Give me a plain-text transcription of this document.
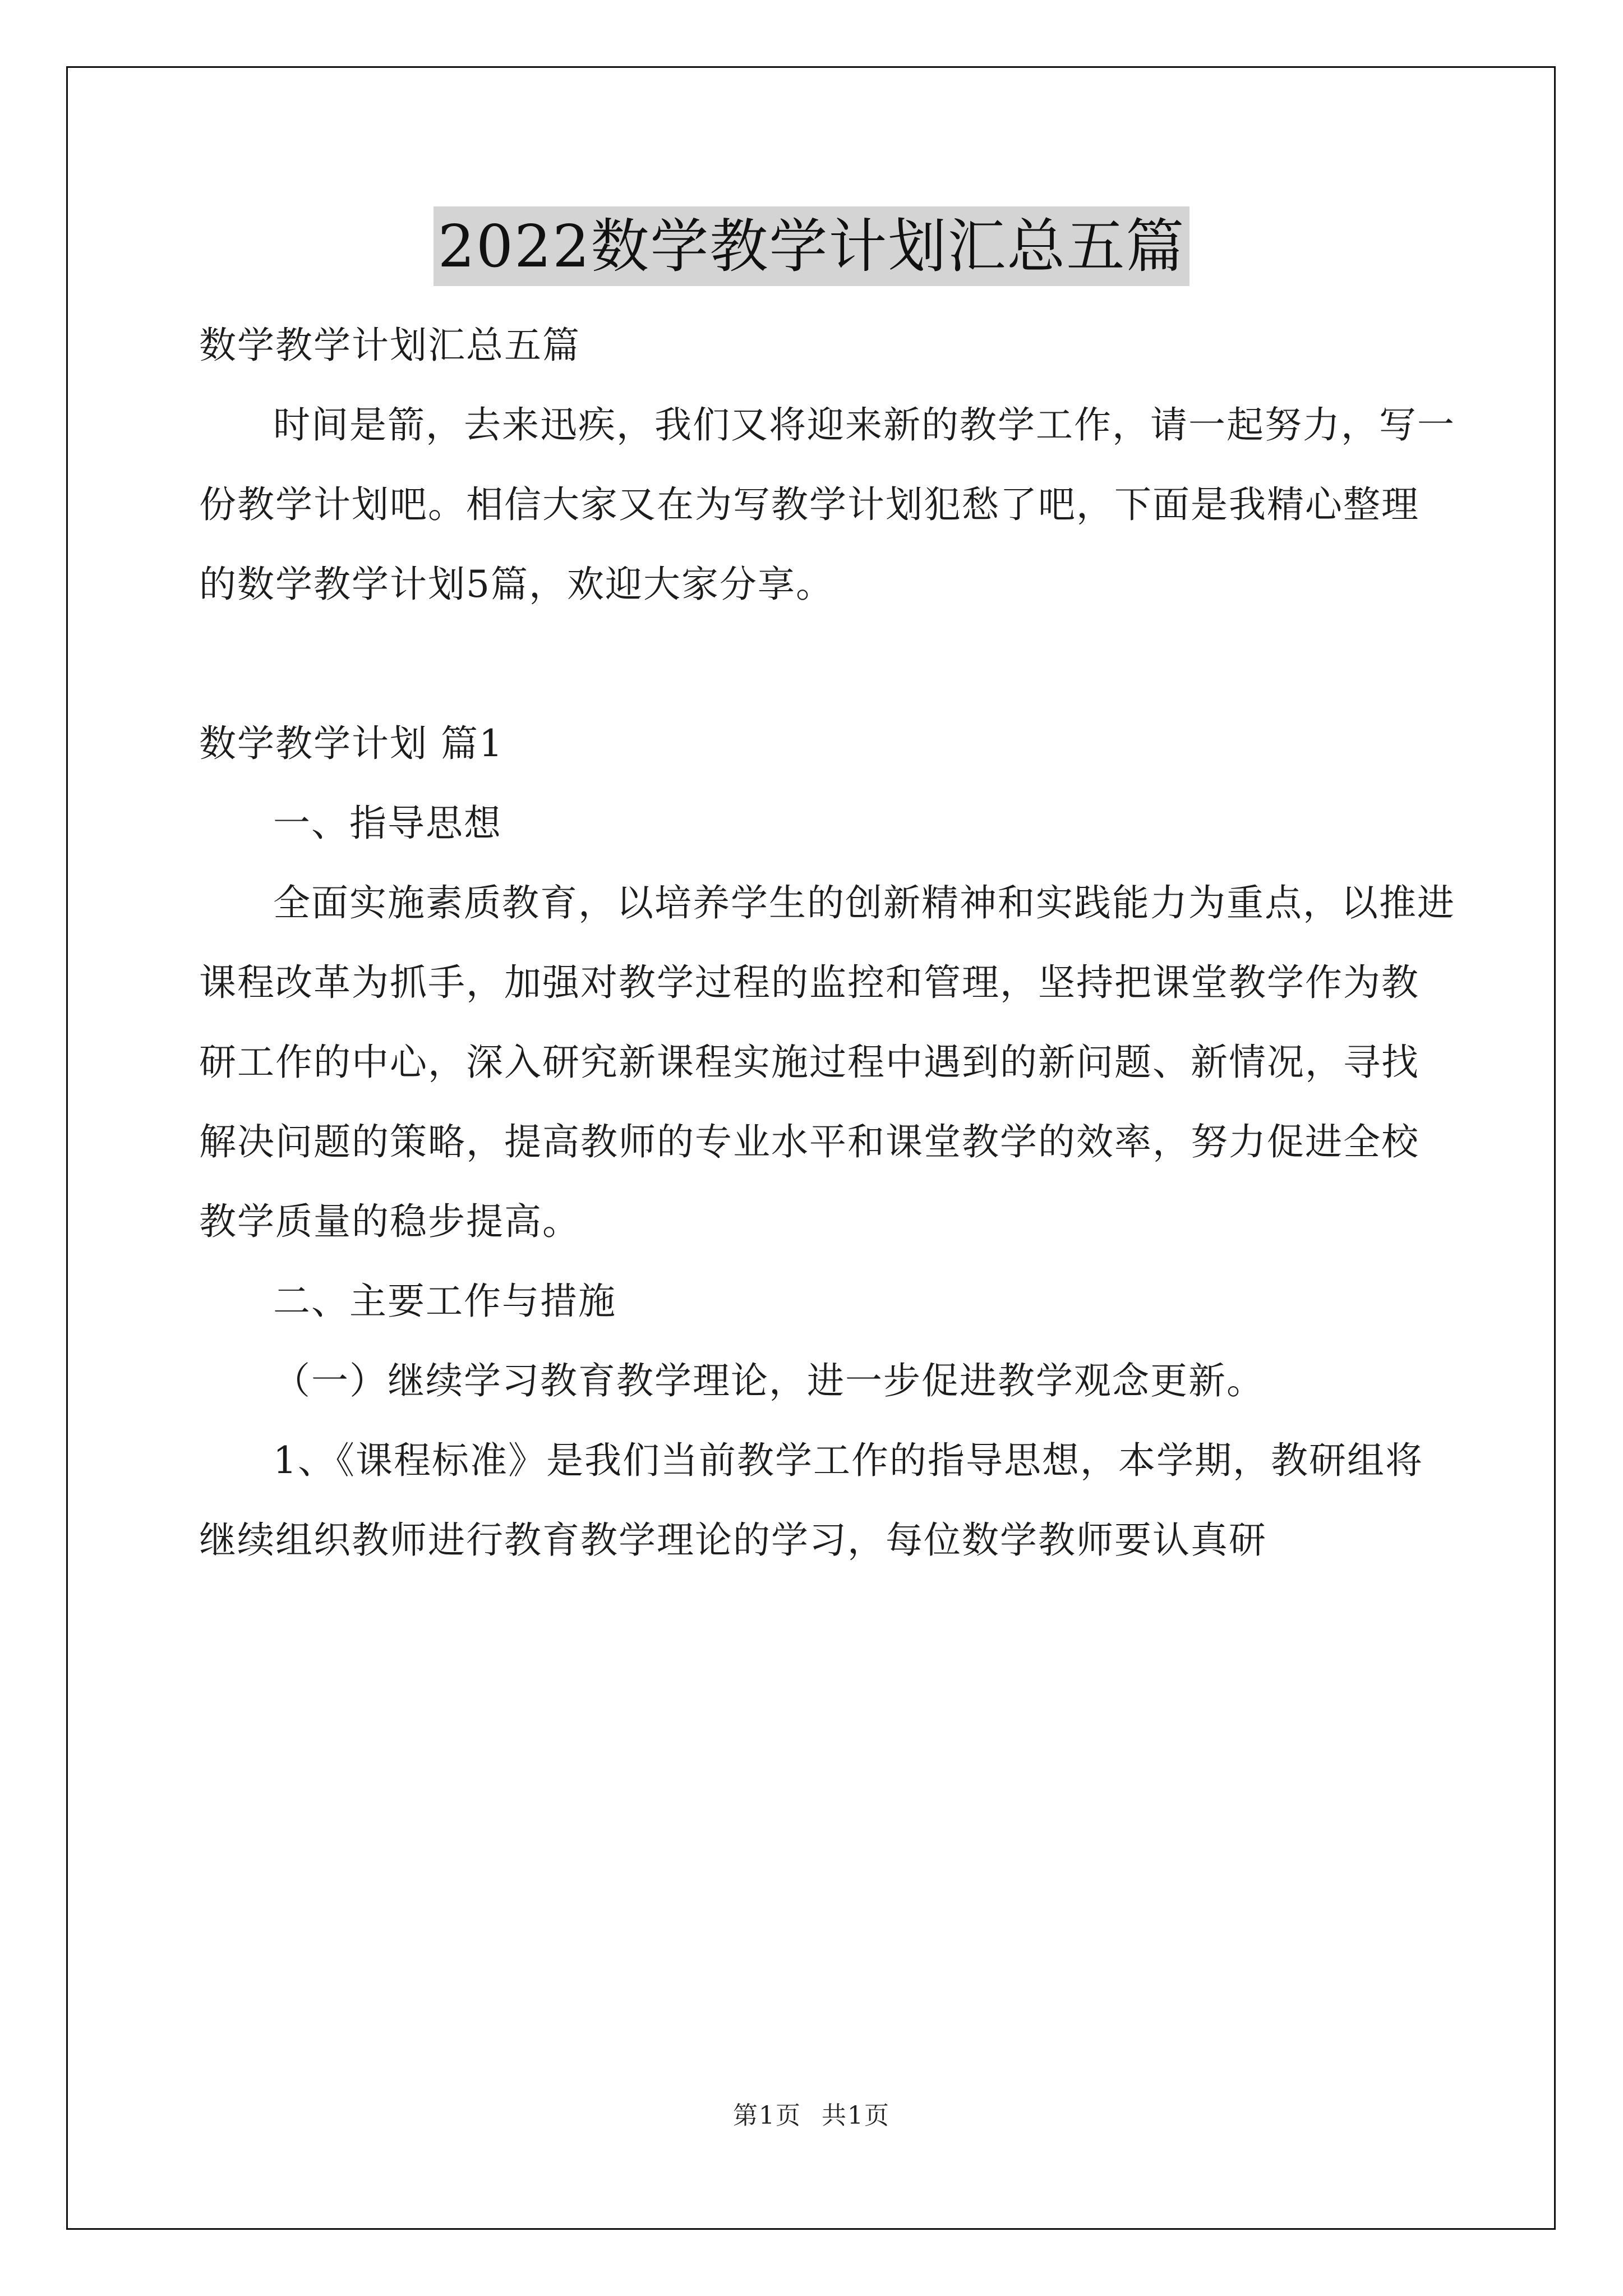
2022数学教学计划汇总五篇

数学教学计划汇总五篇

时间是箭，去来迅疾，我们又将迎来新的教学工作，请一起努力，写一份教学计划吧。相信大家又在为写教学计划犯愁了吧，下面是我精心整理的数学教学计划5篇，欢迎大家分享。

数学教学计划 篇1

一、指导思想

全面实施素质教育，以培养学生的创新精神和实践能力为重点，以推进课程改革为抓手，加强对教学过程的监控和管理，坚持把课堂教学作为教研工作的中心，深入研究新课程实施过程中遇到的新问题、新情况，寻找解决问题的策略，提高教师的专业水平和课堂教学的效率，努力促进全校教学质量的稳步提高。

二、主要工作与措施

（一）继续学习教育教学理论，进一步促进教学观念更新。

1、《课程标准》是我们当前教学工作的指导思想，本学期，教研组将继续组织教师进行教育教学理论的学习，每位数学教师要认真研

第1页 共1页
